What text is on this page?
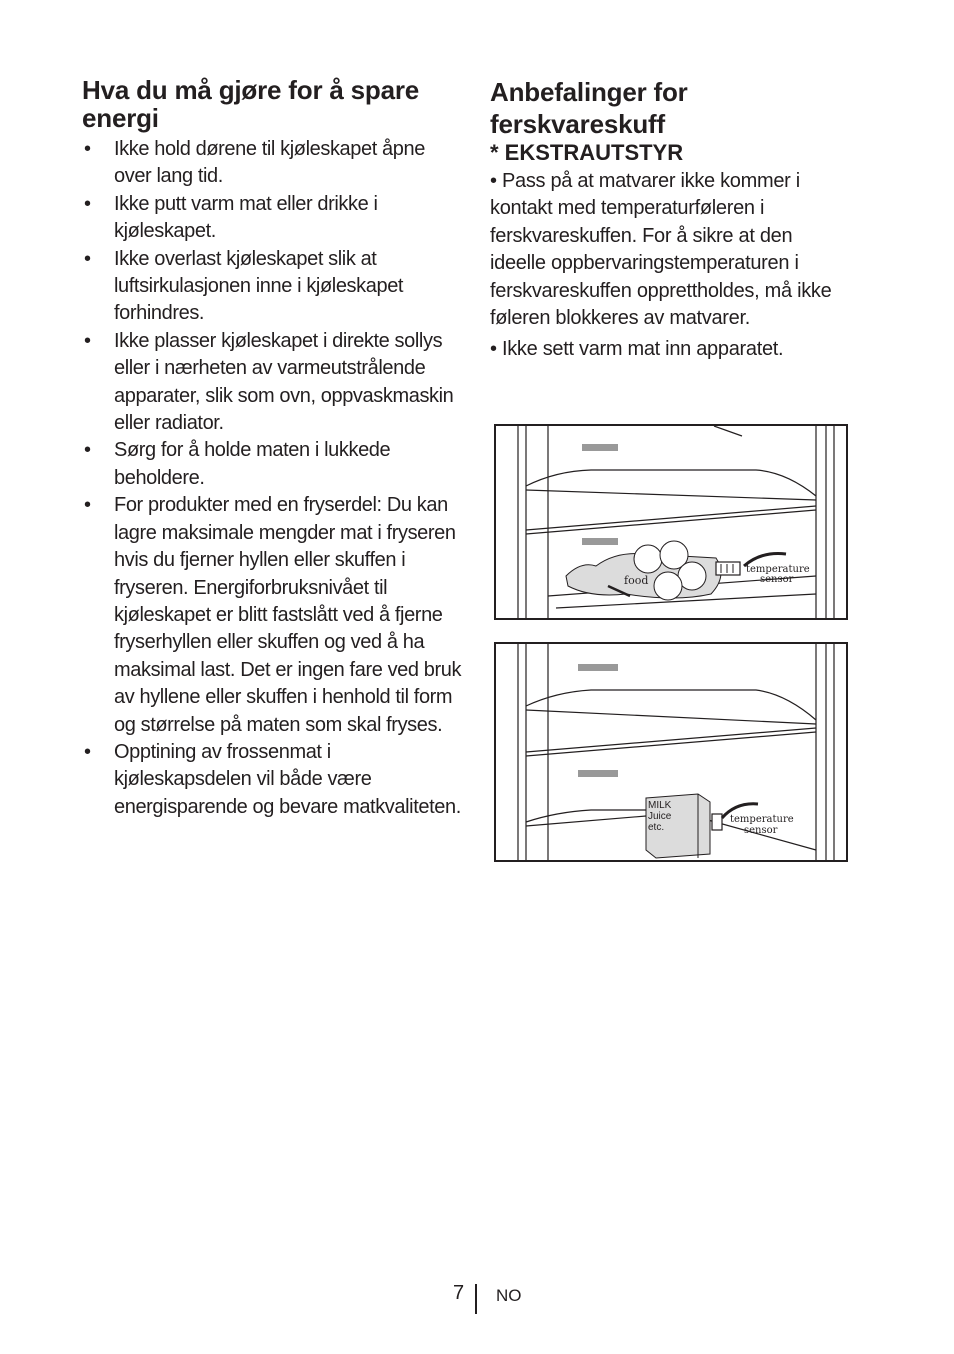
Hva du må gjøre for å spare energi
• Ikke hold dørene til kjøleskapet åpne over lang tid.
• Ikke putt varm mat eller drikke i kjøleskapet.
• Ikke overlast kjøleskapet slik at luftsirkulasjonen inne i kjøleskapet forhindres.
• Ikke plasser kjøleskapet i direkte sollys eller i nærheten av varmeutstrålende apparater, slik som ovn, oppvaskmaskin eller radiator.
• Sørg for å holde maten i lukkede beholdere.
• For produkter med en fryserdel: Du kan lagre maksimale mengder mat i fryseren hvis du fjerner hyllen eller skuffen i fryseren. Energiforbruksnivået til kjøleskapet er blitt fastslått ved å fjerne fryserhyllen eller skuffen og ved å ha maksimal last. Det er ingen fare ved bruk av hyllene eller skuffen i henhold til form og størrelse på maten som skal fryses.
• Opptining av frossenmat i kjøleskapsdelen vil både være energisparende og bevare matkvaliteten.
Anbefalinger for ferskvareskuff
* EKSTRAUTSTYR

• Pass på at matvarer ikke kommer i kontakt med temperaturføleren i ferskvareskuffen. For å sikre at den ideelle oppbervaringstemperaturen i ferskvareskuffen opprettholdes, må ikke føleren blokkeres av matvarer.

• Ikke sett varm mat inn apparatet.

food
temperature
sensor
MILK
Juice
etc.
temperature
sensor
7 NO
